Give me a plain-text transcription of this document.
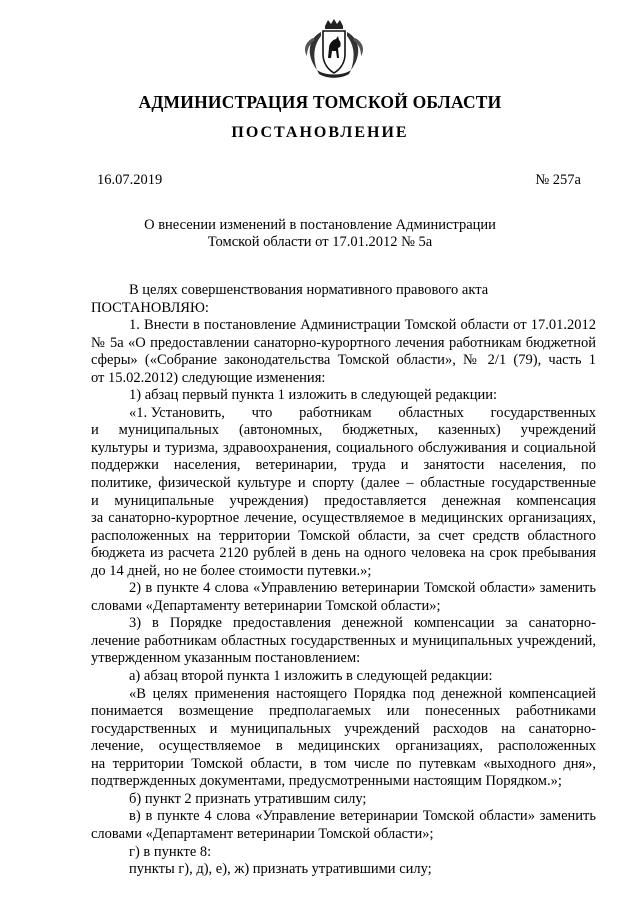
АДМИНИСТРАЦИЯ ТОМСКОЙ ОБЛАСТИ
ПОСТАНОВЛЕНИЕ
16.07.2019	№ 257а
О внесении изменений в постановление Администрации
Томской области от 17.01.2012 № 5а
В целях совершенствования нормативного правового акта
ПОСТАНОВЛЯЮ:
1. Внести в постановление Администрации Томской области от 17.01.2012
№ 5а «О предоставлении санаторно-курортного лечения работникам бюджетной
сферы» («Собрание законодательства Томской области», № 2/1 (79), часть 1
от 15.02.2012) следующие изменения:
1) абзац первый пункта 1 изложить в следующей редакции:
«1. Установить, что работникам областных государственных
и муниципальных (автономных, бюджетных, казенных) учреждений
культуры и туризма, здравоохранения, социального обслуживания и социальной
поддержки населения, ветеринарии, труда и занятости населения, по
политике, физической культуре и спорту (далее – областные государственные
и муниципальные учреждения) предоставляется денежная компенсация
за санаторно-курортное лечение, осуществляемое в медицинских организациях,
расположенных на территории Томской области, за счет средств областного
бюджета из расчета 2120 рублей в день на одного человека на срок пребывания
до 14 дней, но не более стоимости путевки.»;
2) в пункте 4 слова «Управлению ветеринарии Томской области» заменить
словами «Департаменту ветеринарии Томской области»;
3) в Порядке предоставления денежной компенсации за санаторно-
лечение работникам областных государственных и муниципальных учреждений,
утвержденном указанным постановлением:
а) абзац второй пункта 1 изложить в следующей редакции:
«В целях применения настоящего Порядка под денежной компенсацией
понимается возмещение предполагаемых или понесенных работниками
государственных и муниципальных учреждений расходов на санаторно-
лечение, осуществляемое в медицинских организациях, расположенных
на территории Томской области, в том числе по путевкам «выходного дня»,
подтвержденных документами, предусмотренными настоящим Порядком.»;
б) пункт 2 признать утратившим силу;
в) в пункте 4 слова «Управление ветеринарии Томской области» заменить
словами «Департамент ветеринарии Томской области»;
г) в пункте 8:
пункты г), д), е), ж) признать утратившими силу;
